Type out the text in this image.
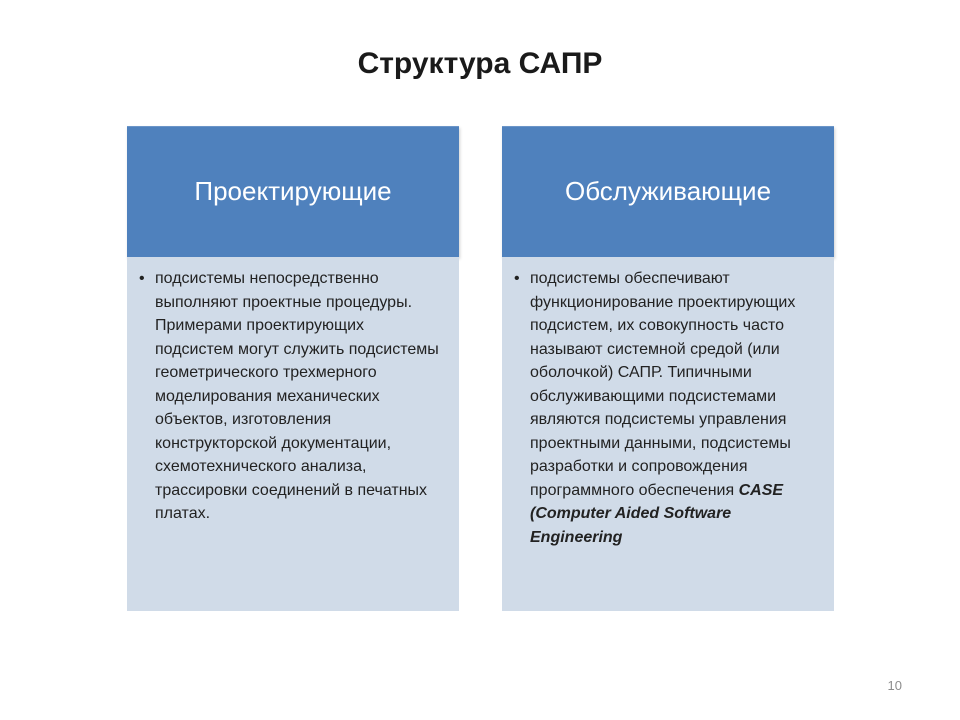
Структура САПР
Проектирующие
• подсистемы непосредственно выполняют проектные процедуры. Примерами проектирующих подсистем могут служить подсистемы геометрического трехмерного моделирования механических объектов, изготовления конструкторской документации, схемотехнического анализа, трассировки соединений в печатных платах.
Обслуживающие
• подсистемы обеспечивают функционирование проектирующих подсистем, их совокупность часто называют системной средой (или оболочкой) САПР. Типичными обслуживающими подсистемами являются подсистемы управления проектными данными, подсистемы разработки и сопровождения программного обеспечения CASE (Computer Aided Software Engineering
10
